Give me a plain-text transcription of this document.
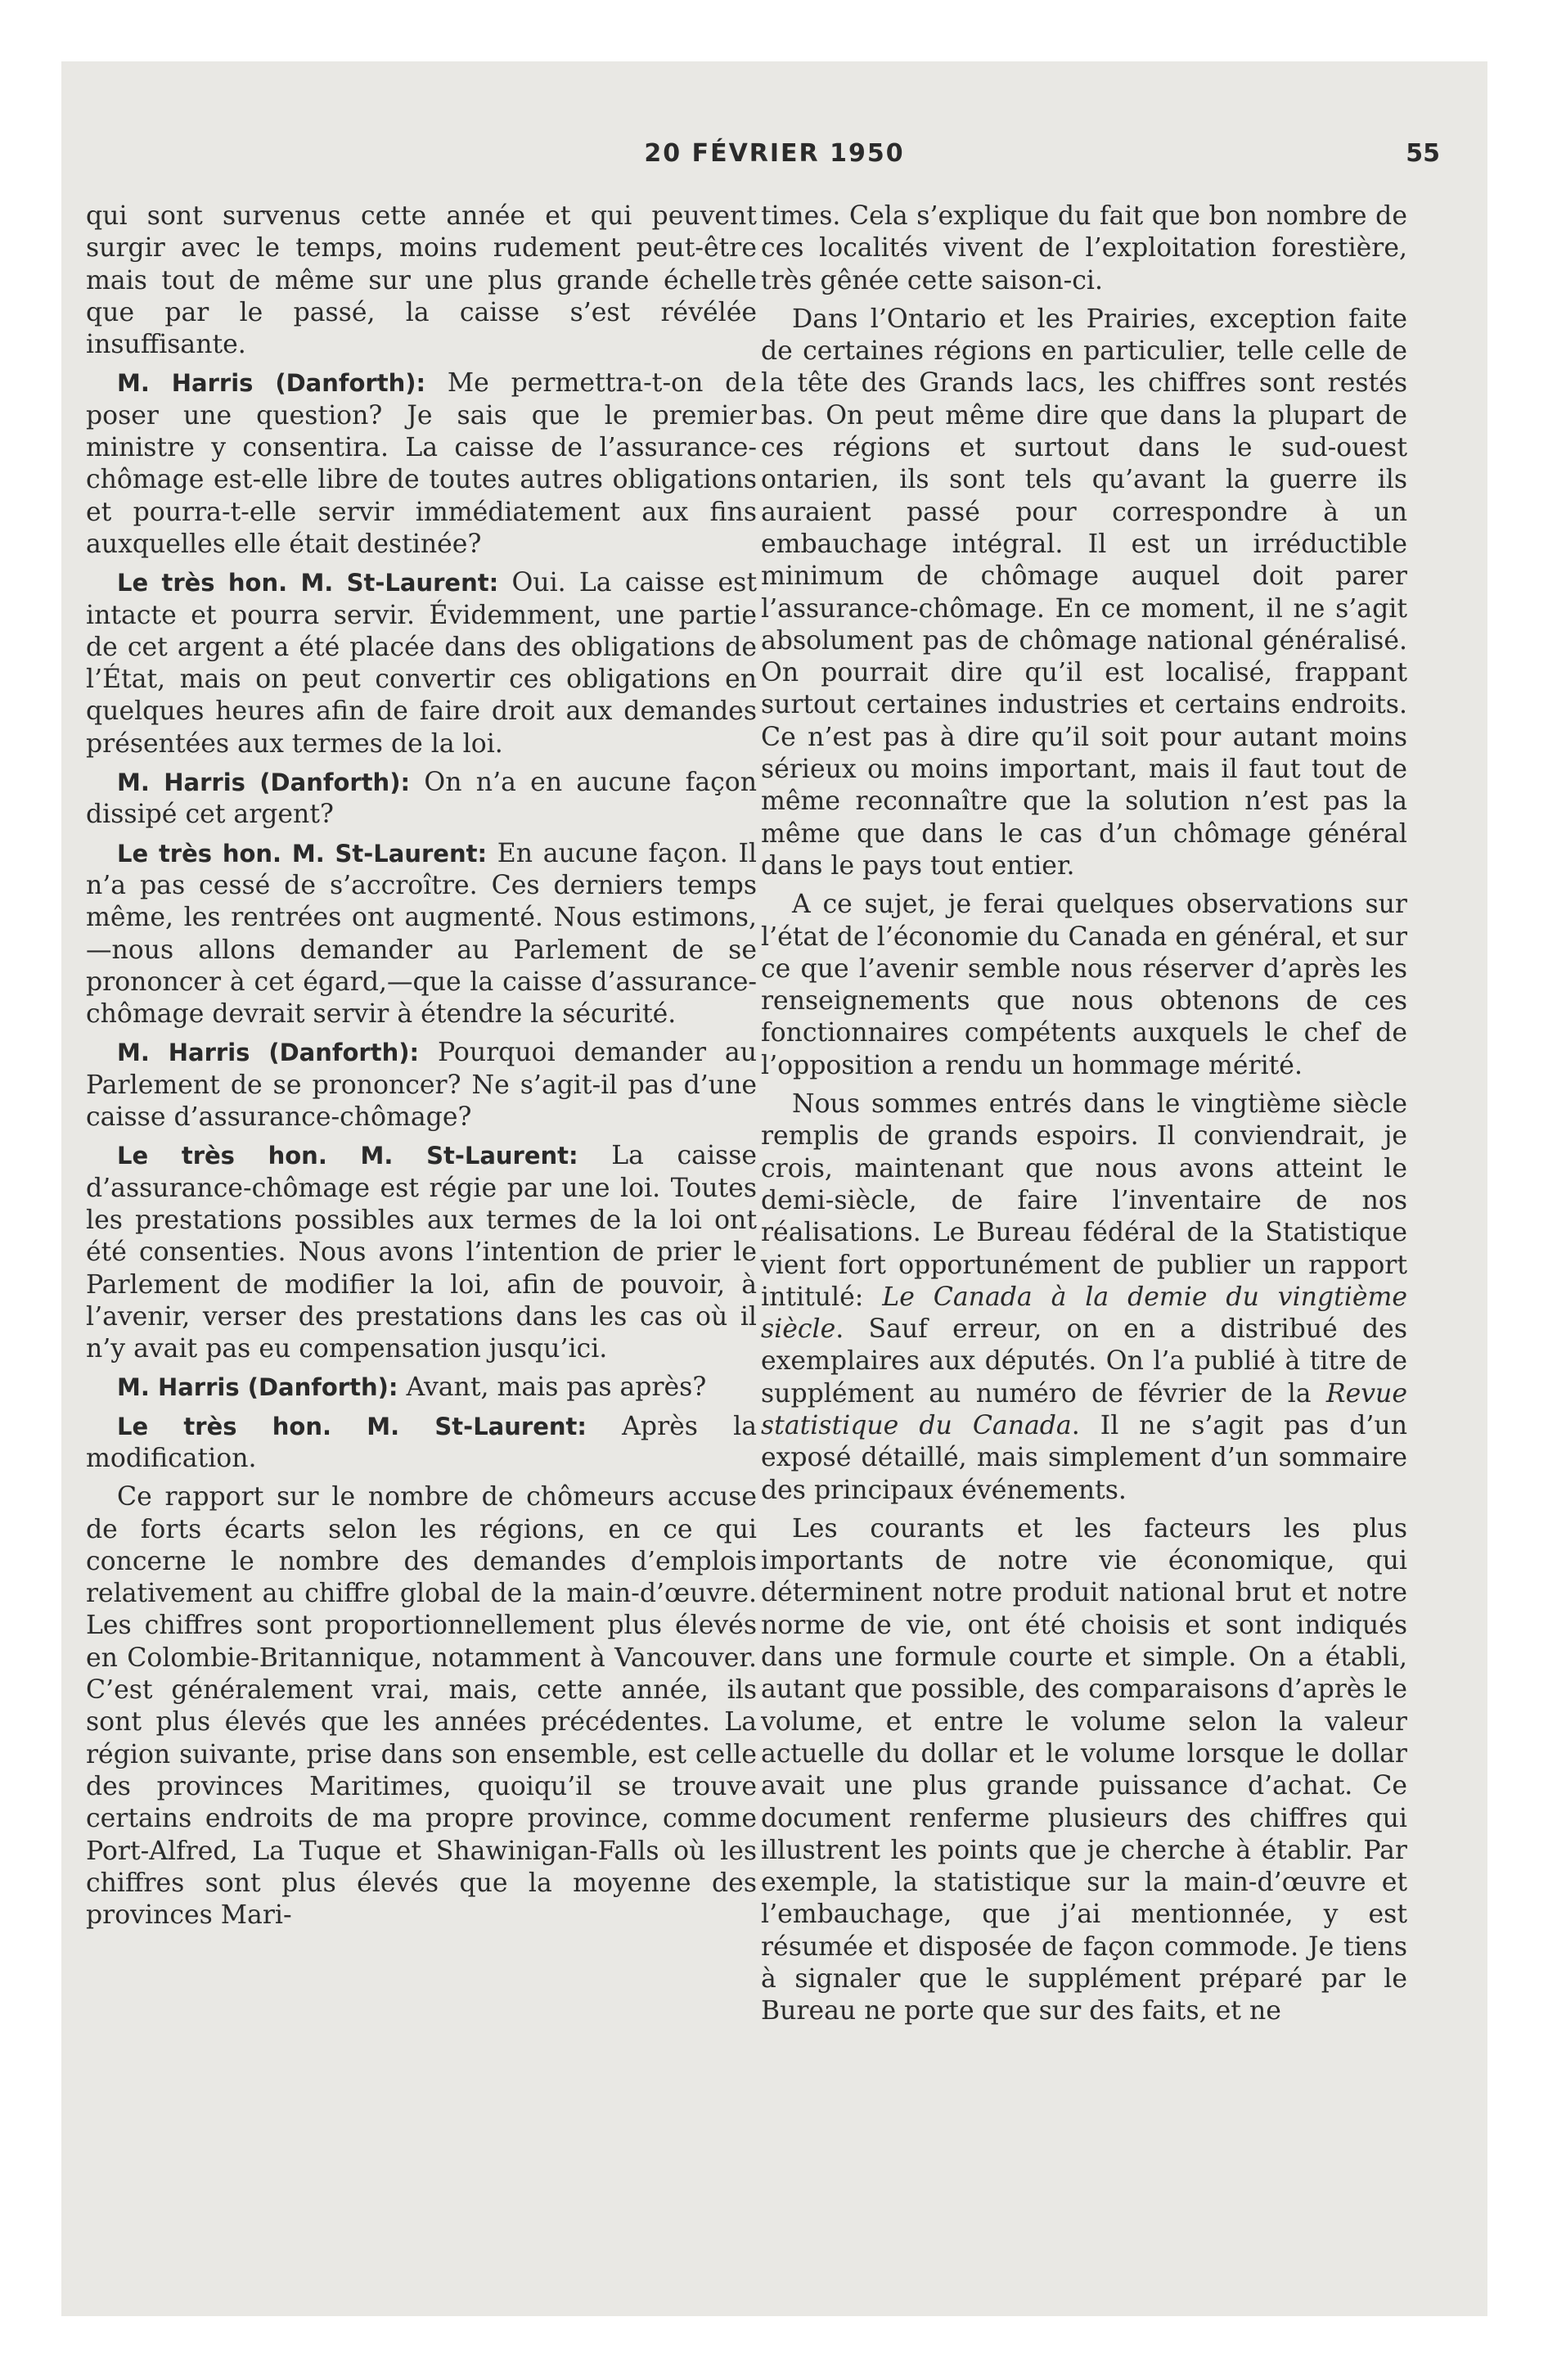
20 FÉVRIER 1950	55

qui sont survenus cette année et qui peuvent surgir avec le temps, moins rudement peut-être mais tout de même sur une plus grande échelle que par le passé, la caisse s’est révélée insuffisante.

M. Harris (Danforth): Me permettra-t-on de poser une question? Je sais que le premier ministre y consentira. La caisse de l’assurance-chômage est-elle libre de toutes autres obligations et pourra-t-elle servir immédiatement aux fins auxquelles elle était destinée?

Le très hon. M. St-Laurent: Oui. La caisse est intacte et pourra servir. Évidemment, une partie de cet argent a été placée dans des obligations de l’État, mais on peut convertir ces obligations en quelques heures afin de faire droit aux demandes présentées aux termes de la loi.

M. Harris (Danforth): On n’a en aucune façon dissipé cet argent?

Le très hon. M. St-Laurent: En aucune façon. Il n’a pas cessé de s’accroître. Ces derniers temps même, les rentrées ont augmenté. Nous estimons,—nous allons demander au Parlement de se prononcer à cet égard,—que la caisse d’assurance-chômage devrait servir à étendre la sécurité.

M. Harris (Danforth): Pourquoi demander au Parlement de se prononcer? Ne s’agit-il pas d’une caisse d’assurance-chômage?

Le très hon. M. St-Laurent: La caisse d’assurance-chômage est régie par une loi. Toutes les prestations possibles aux termes de la loi ont été consenties. Nous avons l’intention de prier le Parlement de modifier la loi, afin de pouvoir, à l’avenir, verser des prestations dans les cas où il n’y avait pas eu compensation jusqu’ici.

M. Harris (Danforth): Avant, mais pas après?

Le très hon. M. St-Laurent: Après la modification.

Ce rapport sur le nombre de chômeurs accuse de forts écarts selon les régions, en ce qui concerne le nombre des demandes d’emplois relativement au chiffre global de la main-d’œuvre. Les chiffres sont proportionnellement plus élevés en Colombie-Britannique, notamment à Vancouver. C’est généralement vrai, mais, cette année, ils sont plus élevés que les années précédentes. La région suivante, prise dans son ensemble, est celle des provinces Maritimes, quoiqu’il se trouve certains endroits de ma propre province, comme Port-Alfred, La Tuque et Shawinigan-Falls où les chiffres sont plus élevés que la moyenne des provinces Mari-

times. Cela s’explique du fait que bon nombre de ces localités vivent de l’exploitation forestière, très gênée cette saison-ci.

Dans l’Ontario et les Prairies, exception faite de certaines régions en particulier, telle celle de la tête des Grands lacs, les chiffres sont restés bas. On peut même dire que dans la plupart de ces régions et surtout dans le sud-ouest ontarien, ils sont tels qu’avant la guerre ils auraient passé pour correspondre à un embauchage intégral. Il est un irréductible minimum de chômage auquel doit parer l’assurance-chômage. En ce moment, il ne s’agit absolument pas de chômage national généralisé. On pourrait dire qu’il est localisé, frappant surtout certaines industries et certains endroits. Ce n’est pas à dire qu’il soit pour autant moins sérieux ou moins important, mais il faut tout de même reconnaître que la solution n’est pas la même que dans le cas d’un chômage général dans le pays tout entier.

A ce sujet, je ferai quelques observations sur l’état de l’économie du Canada en général, et sur ce que l’avenir semble nous réserver d’après les renseignements que nous obtenons de ces fonctionnaires compétents auxquels le chef de l’opposition a rendu un hommage mérité.

Nous sommes entrés dans le vingtième siècle remplis de grands espoirs. Il conviendrait, je crois, maintenant que nous avons atteint le demi-siècle, de faire l’inventaire de nos réalisations. Le Bureau fédéral de la Statistique vient fort opportunément de publier un rapport intitulé: Le Canada à la demie du vingtième siècle. Sauf erreur, on en a distribué des exemplaires aux députés. On l’a publié à titre de supplément au numéro de février de la Revue statistique du Canada. Il ne s’agit pas d’un exposé détaillé, mais simplement d’un sommaire des principaux événements.

Les courants et les facteurs les plus importants de notre vie économique, qui déterminent notre produit national brut et notre norme de vie, ont été choisis et sont indiqués dans une formule courte et simple. On a établi, autant que possible, des comparaisons d’après le volume, et entre le volume selon la valeur actuelle du dollar et le volume lorsque le dollar avait une plus grande puissance d’achat. Ce document renferme plusieurs des chiffres qui illustrent les points que je cherche à établir. Par exemple, la statistique sur la main-d’œuvre et l’embauchage, que j’ai mentionnée, y est résumée et disposée de façon commode. Je tiens à signaler que le supplément préparé par le Bureau ne porte que sur des faits, et ne
